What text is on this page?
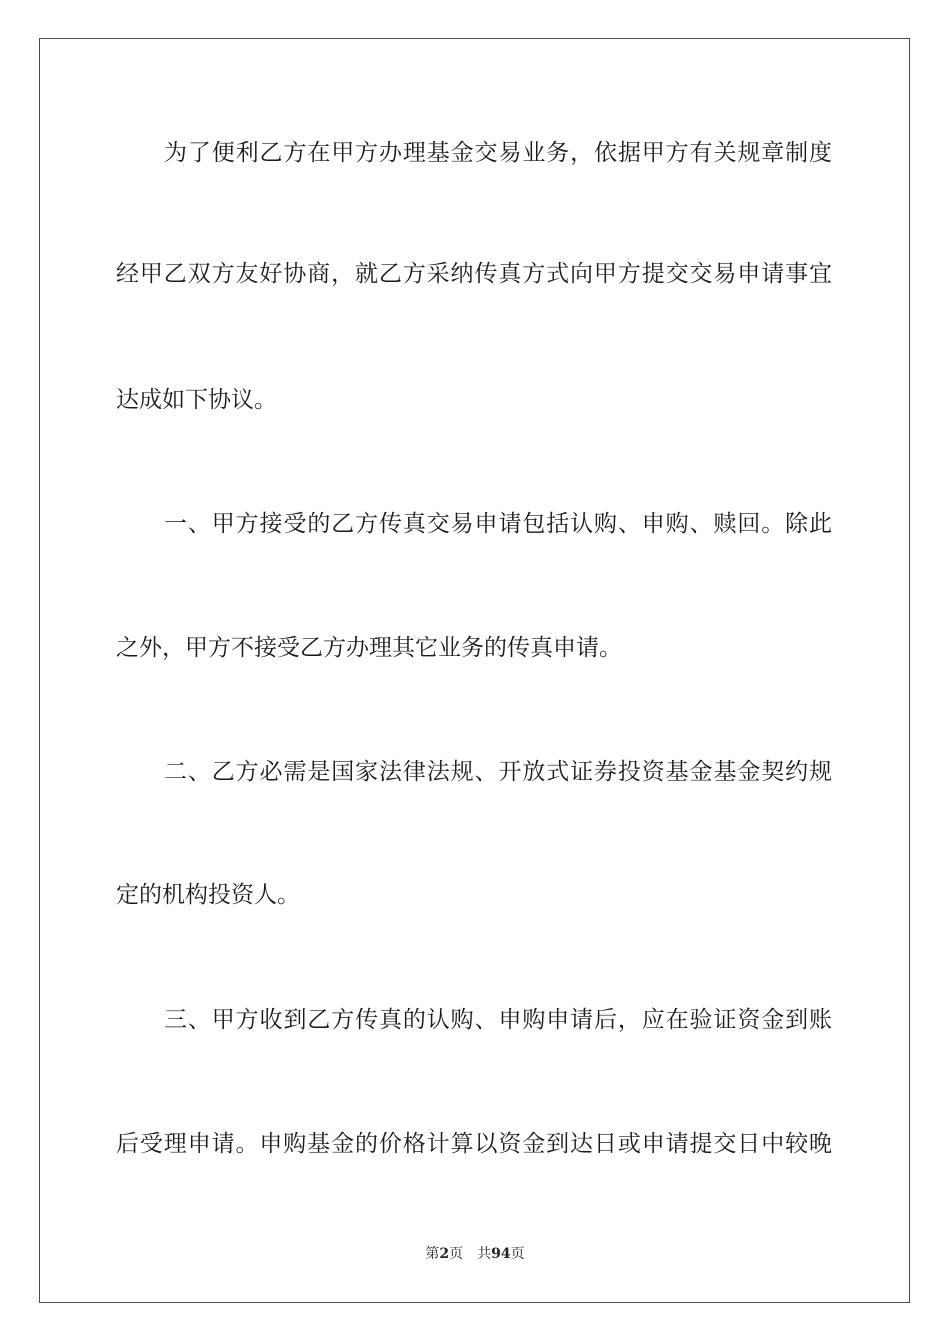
为了便利乙方在甲方办理基金交易业务，依据甲方有关规章制度
经甲乙双方友好协商，就乙方采纳传真方式向甲方提交交易申请事宜
达成如下协议。
一、甲方接受的乙方传真交易申请包括认购、申购、赎回。除此
之外，甲方不接受乙方办理其它业务的传真申请。
二、乙方必需是国家法律法规、开放式证券投资基金基金契约规
定的机构投资人。
三、甲方收到乙方传真的认购、申购申请后，应在验证资金到账
后受理申请。申购基金的价格计算以资金到达日或申请提交日中较晚
第2页 共94页
